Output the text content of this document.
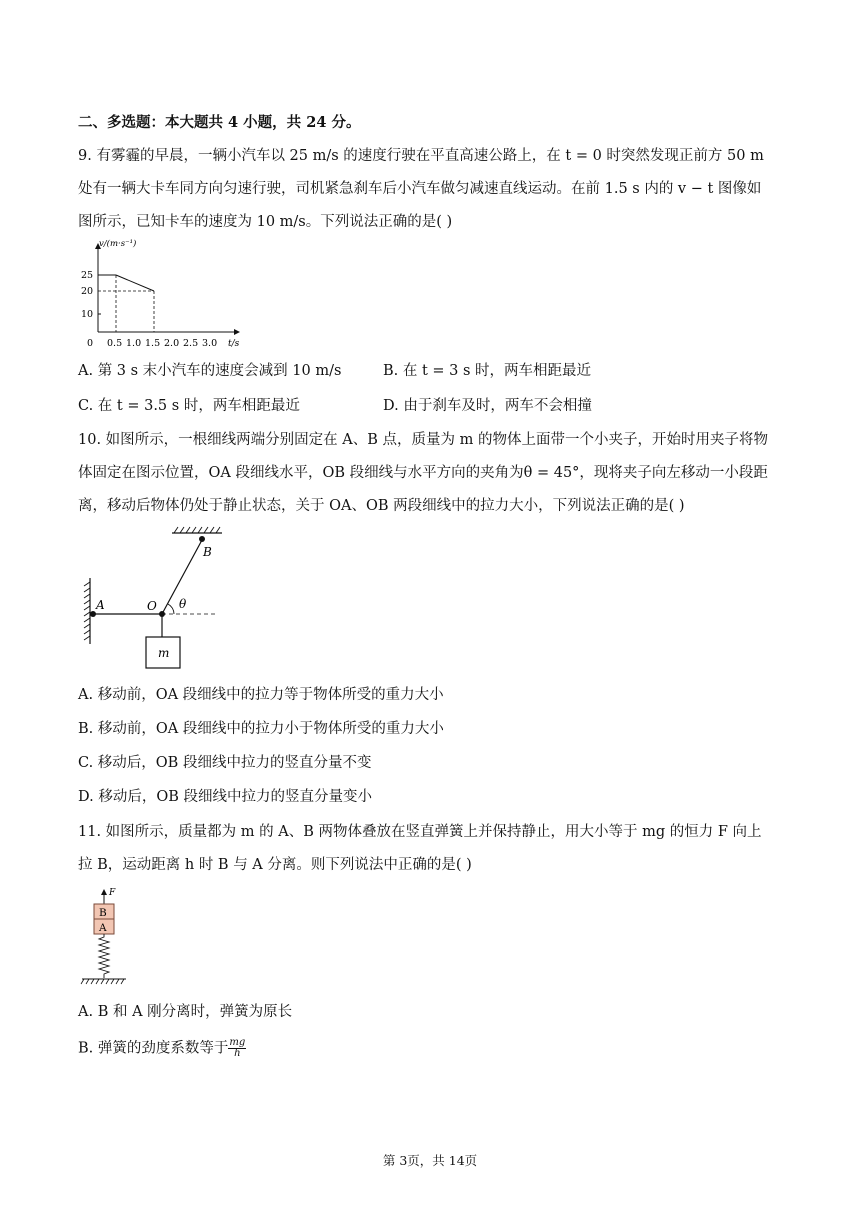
二、多选题：本大题共 4 小题，共 24 分。
9. 有雾霾的早晨，一辆小汽车以 25 m/s 的速度行驶在平直高速公路上，在 t = 0 时突然发现正前方 50 m
处有一辆大卡车同方向匀速行驶，司机紧急刹车后小汽车做匀减速直线运动。在前 1.5 s 内的 v − t 图像如
图所示，已知卡车的速度为 10 m/s。下列说法正确的是( )
v/(m·s⁻¹)
t/s
0
25
20
10
0.5 1.0 1.5 2.0 2.5 3.0
A. 第 3 s 末小汽车的速度会减到 10 m/s	B. 在 t = 3 s 时，两车相距最近
C. 在 t = 3.5 s 时，两车相距最近	D. 由于刹车及时，两车不会相撞
10. 如图所示，一根细线两端分别固定在 A、B 点，质量为 m 的物体上面带一个小夹子，开始时用夹子将物
体固定在图示位置，OA 段细线水平，OB 段细线与水平方向的夹角为θ = 45°，现将夹子向左移动一小段距
离，移动后物体仍处于静止状态，关于 OA、OB 两段细线中的拉力大小，下列说法正确的是( )
A
B
O θ
m
A. 移动前，OA 段细线中的拉力等于物体所受的重力大小
B. 移动前，OA 段细线中的拉力小于物体所受的重力大小
C. 移动后，OB 段细线中拉力的竖直分量不变
D. 移动后，OB 段细线中拉力的竖直分量变小
11. 如图所示，质量都为 m 的 A、B 两物体叠放在竖直弹簧上并保持静止，用大小等于 mg 的恒力 F 向上
拉 B，运动距离 h 时 B 与 A 分离。则下列说法中正确的是( )
F
B
A
A. B 和 A 刚分离时，弹簧为原长
B. 弹簧的劲度系数等于 $\frac{mg}{h}$
第 3页，共 14页
